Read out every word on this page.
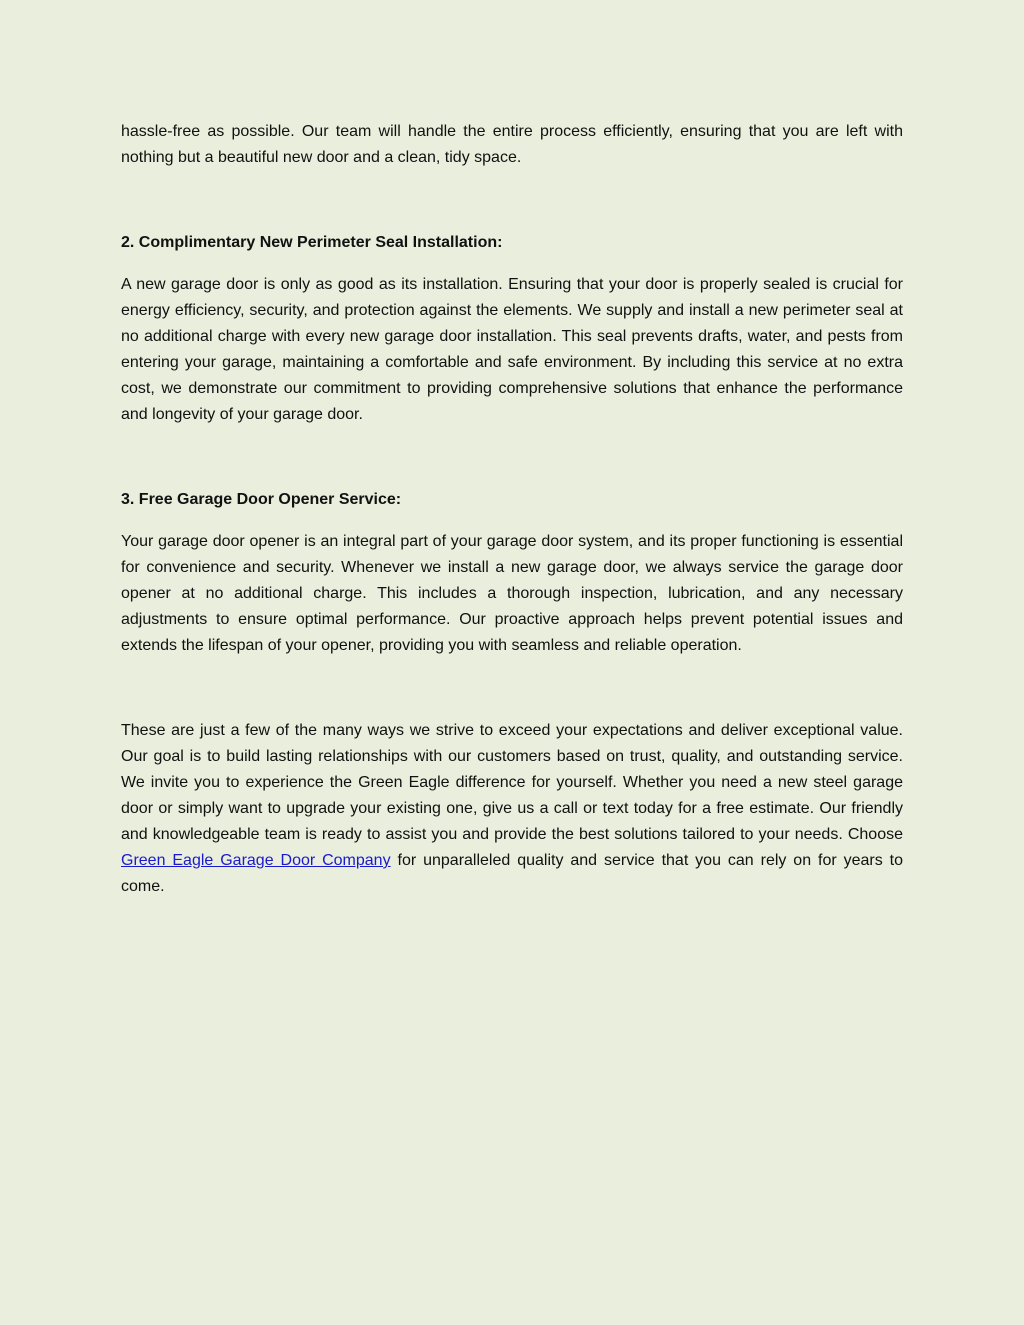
hassle-free as possible. Our team will handle the entire process efficiently, ensuring that you are left with nothing but a beautiful new door and a clean, tidy space.

2. Complimentary New Perimeter Seal Installation:

A new garage door is only as good as its installation. Ensuring that your door is properly sealed is crucial for energy efficiency, security, and protection against the elements. We supply and install a new perimeter seal at no additional charge with every new garage door installation. This seal prevents drafts, water, and pests from entering your garage, maintaining a comfortable and safe environment. By including this service at no extra cost, we demonstrate our commitment to providing comprehensive solutions that enhance the performance and longevity of your garage door.

3. Free Garage Door Opener Service:

Your garage door opener is an integral part of your garage door system, and its proper functioning is essential for convenience and security. Whenever we install a new garage door, we always service the garage door opener at no additional charge. This includes a thorough inspection, lubrication, and any necessary adjustments to ensure optimal performance. Our proactive approach helps prevent potential issues and extends the lifespan of your opener, providing you with seamless and reliable operation.

These are just a few of the many ways we strive to exceed your expectations and deliver exceptional value. Our goal is to build lasting relationships with our customers based on trust, quality, and outstanding service. We invite you to experience the Green Eagle difference for yourself. Whether you need a new steel garage door or simply want to upgrade your existing one, give us a call or text today for a free estimate. Our friendly and knowledgeable team is ready to assist you and provide the best solutions tailored to your needs. Choose Green Eagle Garage Door Company for unparalleled quality and service that you can rely on for years to come.
